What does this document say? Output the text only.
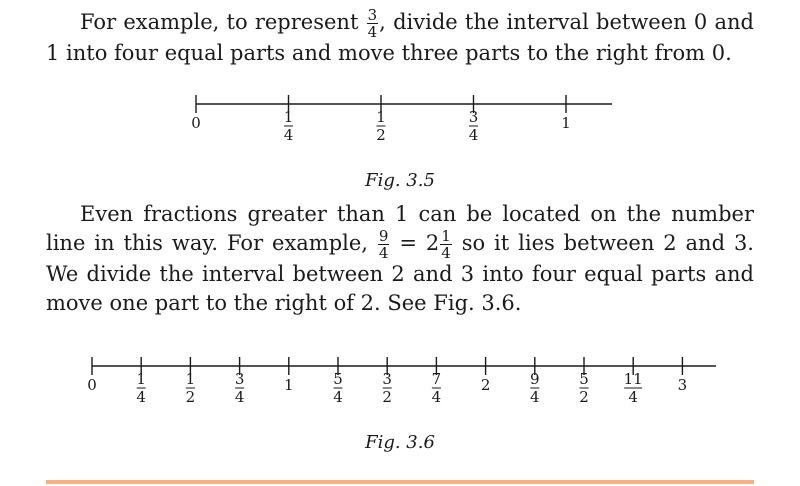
For example, to represent $\frac{3}{4}$ , divide the interval between 0 and 1 into four equal parts and move three parts to the right from 0.

0	1
4
1
2
3
4
1

Fig. 3.5

Even fractions greater than 1 can be located on the number line in this way. For example, $\frac{9}{4} = 2 \frac{1}{4}$ so it lies between 2 and 3. We divide the interval between 2 and 3 into four equal parts and move one part to the right of 2. See Fig. 3.6.

0	1
4
1
2
3
4
1	5
4
3
2
7
4
2	9
4
5
2
11
4
3

Fig. 3.6
